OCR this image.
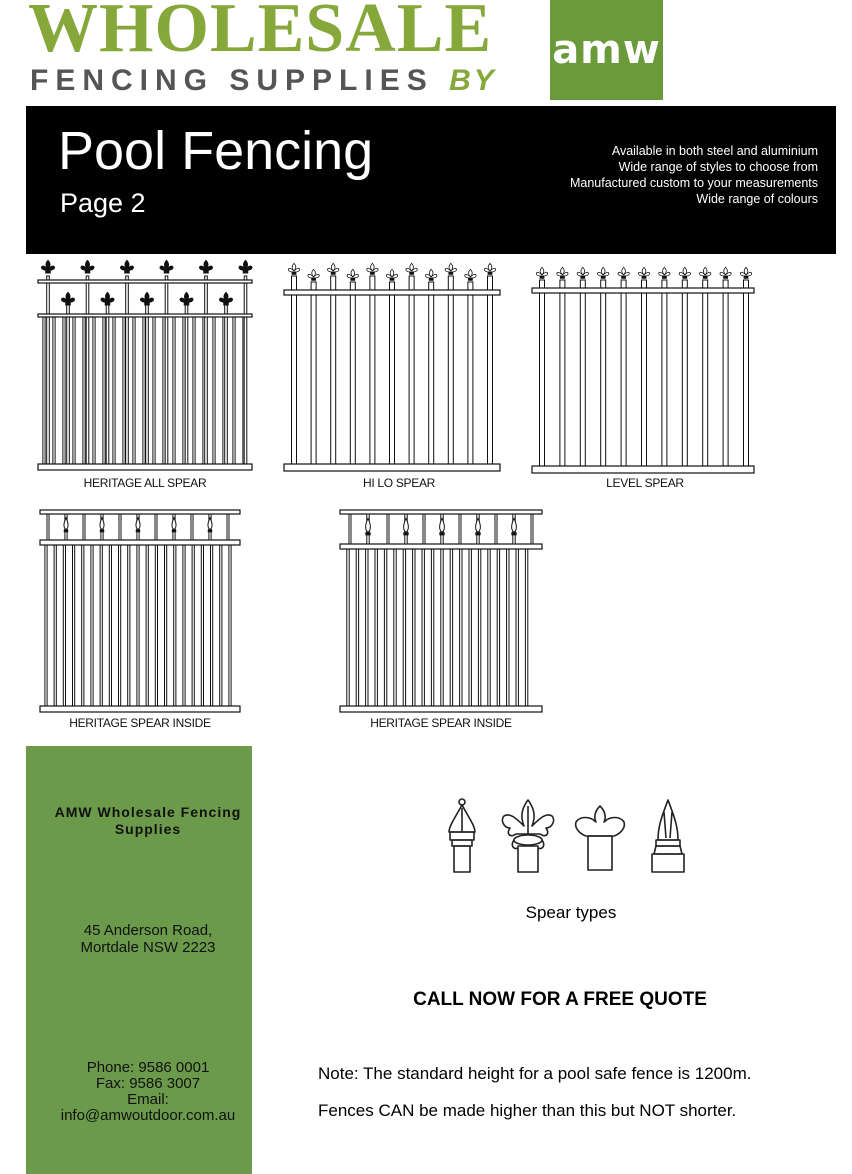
WHOLESALE
FENCING SUPPLIES BY
amw
Pool Fencing
Page 2
Available in both steel and aluminium
Wide range of styles to choose from
Manufactured custom to your measurements
Wide range of colours
HERITAGE ALL SPEAR	HI LO SPEAR	LEVEL SPEAR
HERITAGE SPEAR INSIDE	HERITAGE SPEAR INSIDE
AMW Wholesale Fencing Supplies
45 Anderson Road,
Mortdale NSW 2223
Phone: 9586 0001
Fax: 9586 3007
Email:
info@amwoutdoor.com.au
Spear types
CALL NOW FOR A FREE QUOTE
Note: The standard height for a pool safe fence is 1200m.
Fences CAN be made higher than this but NOT shorter.
